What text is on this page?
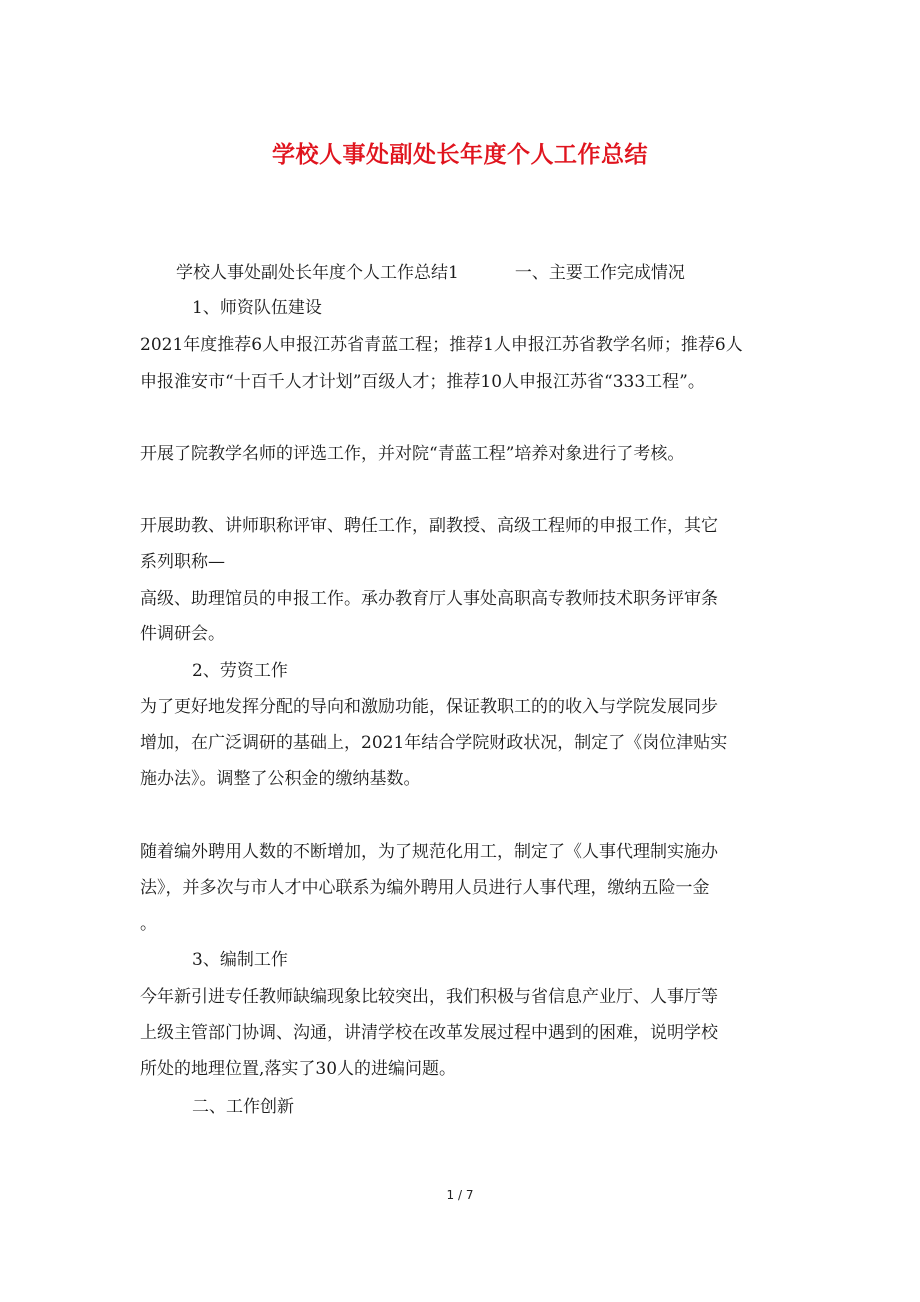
学校人事处副处长年度个人工作总结
学校人事处副处长年度个人工作总结1	一、主要工作完成情况
1、师资队伍建设
2021年度推荐6人申报江苏省青蓝工程；推荐1人申报江苏省教学名师；推荐6人
申报淮安市“十百千人才计划”百级人才；推荐10人申报江苏省“333工程”。
开展了院教学名师的评选工作，并对院“青蓝工程”培养对象进行了考核。
开展助教、讲师职称评审、聘任工作，副教授、高级工程师的申报工作，其它
系列职称—
高级、助理馆员的申报工作。承办教育厅人事处高职高专教师技术职务评审条
件调研会。
2、劳资工作
为了更好地发挥分配的导向和激励功能，保证教职工的的收入与学院发展同步
增加，在广泛调研的基础上，2021年结合学院财政状况，制定了《岗位津贴实
施办法》。调整了公积金的缴纳基数。
随着编外聘用人数的不断增加，为了规范化用工，制定了《人事代理制实施办
法》，并多次与市人才中心联系为编外聘用人员进行人事代理，缴纳五险一金
。
3、编制工作
今年新引进专任教师缺编现象比较突出，我们积极与省信息产业厅、人事厅等
上级主管部门协调、沟通，讲清学校在改革发展过程中遇到的困难，说明学校
所处的地理位置,落实了30人的进编问题。
二、工作创新
1 / 7
